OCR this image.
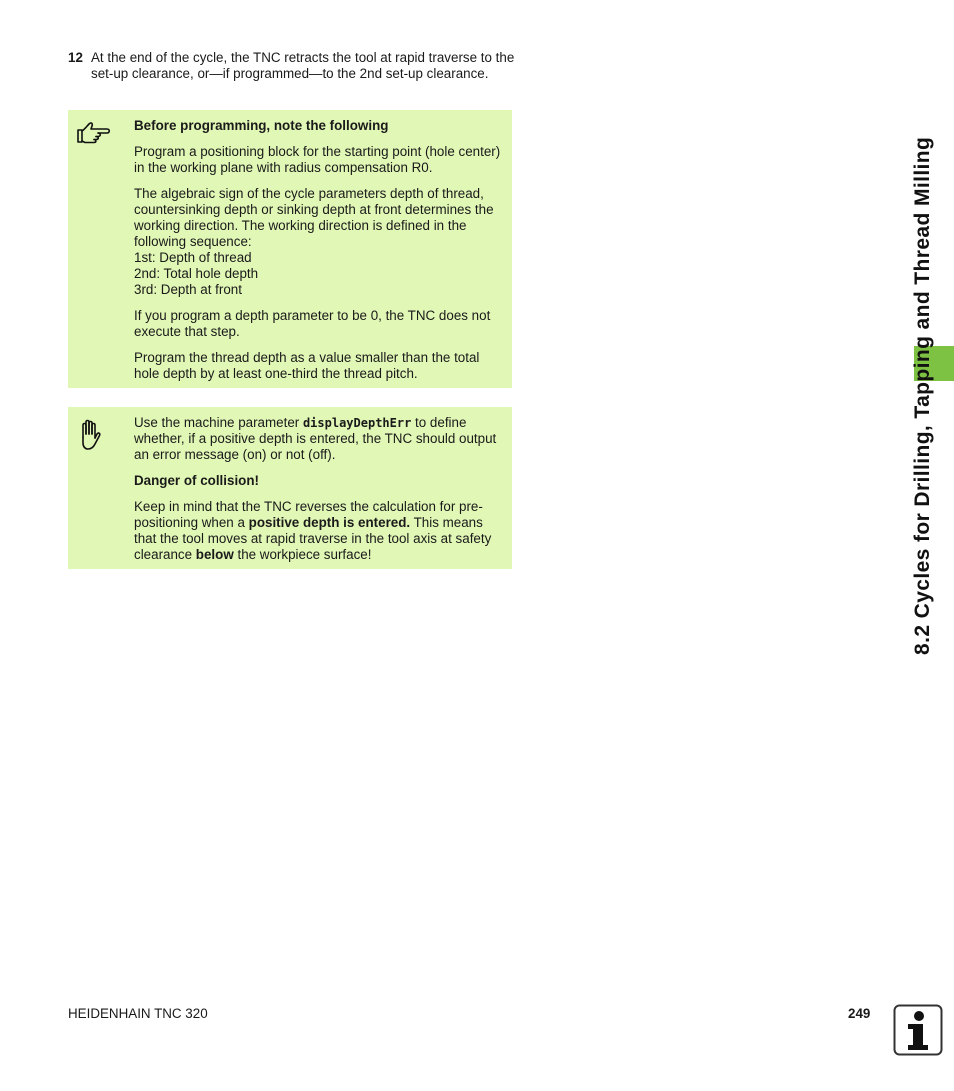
12 At the end of the cycle, the TNC retracts the tool at rapid traverse to the set-up clearance, or—if programmed—to the 2nd set-up clearance.

Before programming, note the following

Program a positioning block for the starting point (hole center) in the working plane with radius compensation R0.

The algebraic sign of the cycle parameters depth of thread, countersinking depth or sinking depth at front determines the working direction. The working direction is defined in the following sequence:
1st: Depth of thread
2nd: Total hole depth
3rd: Depth at front

If you program a depth parameter to be 0, the TNC does not execute that step.

Program the thread depth as a value smaller than the total hole depth by at least one-third the thread pitch.

Use the machine parameter displayDepthErr to define whether, if a positive depth is entered, the TNC should output an error message (on) or not (off).

Danger of collision!

Keep in mind that the TNC reverses the calculation for pre-positioning when a positive depth is entered. This means that the tool moves at rapid traverse in the tool axis at safety clearance below the workpiece surface!	8.2 Cycles for Drilling, Tapping and Thread Milling
HEIDENHAIN TNC 320	249
